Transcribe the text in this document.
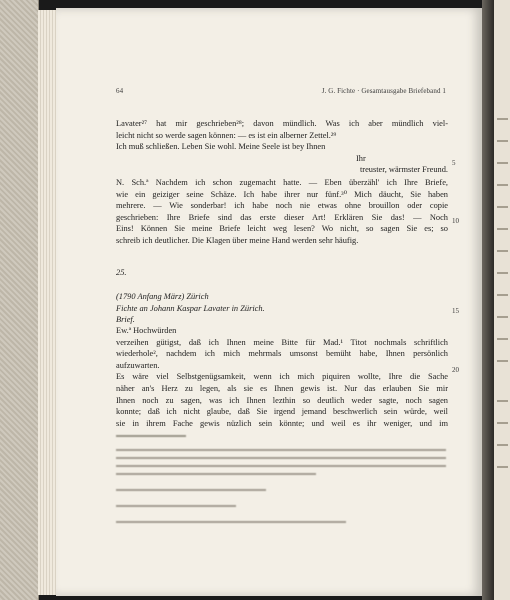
64	J. G. Fichte · Gesamtausgabe Briefeband 1
Lavater²⁷ hat mir geschrieben²⁸; davon mündlich. Was ich aber mündlich viel-
leicht nicht so werde sagen können: — es ist ein alberner Zettel.²⁹
Ich muß schließen. Leben Sie wohl. Meine Seele ist bey Ihnen
Ihr
treuster, wärmster Freund.
N. Sch.ª Nachdem ich schon zugemacht hatte. — Eben überzähl' ich Ihre Briefe,
wie ein geiziger seine Schäze. Ich habe ihrer nur fünf.³⁰ Mich däucht, Sie haben
mehrere. — Wie sonderbar! ich habe noch nie etwas ohne brouillon oder copie
geschrieben: Ihre Briefe sind das erste dieser Art! Erklären Sie das! — Noch
Eins! Können Sie meine Briefe leicht weg lesen? Wo nicht, so sagen Sie es; so
schreib ich deutlicher. Die Klagen über meine Hand werden sehr häufig.
25.
(1790 Anfang März) Zürich
Fichte an Johann Kaspar Lavater in Zürich.
Brief.
Ew.ª Hochwürden
verzeihen gütigst, daß ich Ihnen meine Bitte für Mad.¹ Titot nochmals schriftlich
wiederhole², nachdem ich mich mehrmals umsonst bemüht habe, Ihnen persönlich
aufzuwarten.
Es wäre viel Selbstgenügsamkeit, wenn ich mich piquiren wollte, Ihre die Sache
näher an's Herz zu legen, als sie es Ihnen gewis ist. Nur das erlauben Sie mir
Ihnen noch zu sagen, was ich Ihnen lezthin so deutlich weder sagte, noch sagen
konnte; daß ich nicht glaube, daß Sie irgend jemand beschwerlich sein würde, weil
sie in ihrem Fache gewis nüzlich sein könnte; und weil es ihr weniger, und im
5
10
15
20
